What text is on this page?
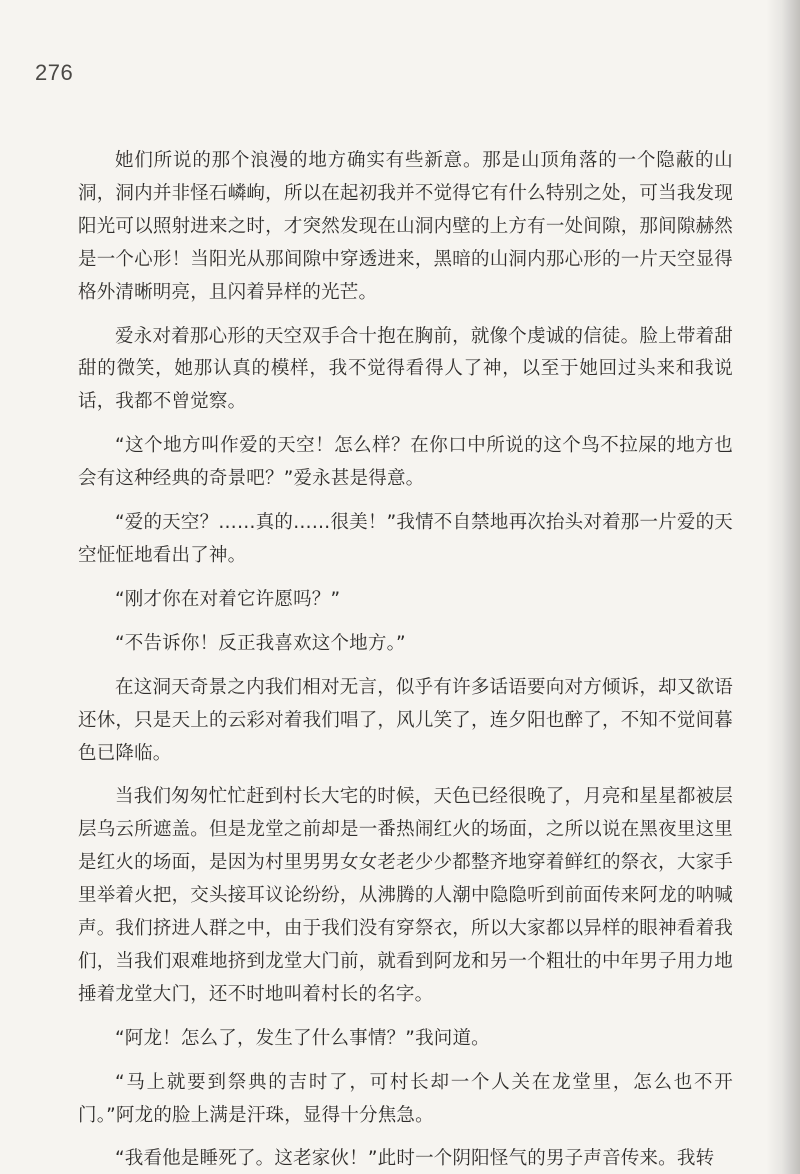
276

她们所说的那个浪漫的地方确实有些新意。那是山顶角落的一个隐蔽的山洞，洞内并非怪石嶙峋，所以在起初我并不觉得它有什么特别之处，可当我发现阳光可以照射进来之时，才突然发现在山洞内壁的上方有一处间隙，那间隙赫然是一个心形！当阳光从那间隙中穿透进来，黑暗的山洞内那心形的一片天空显得格外清晰明亮，且闪着异样的光芒。

爱永对着那心形的天空双手合十抱在胸前，就像个虔诚的信徒。脸上带着甜甜的微笑，她那认真的模样，我不觉得看得人了神，以至于她回过头来和我说话，我都不曾觉察。

“这个地方叫作爱的天空！怎么样？在你口中所说的这个鸟不拉屎的地方也会有这种经典的奇景吧？”爱永甚是得意。

“爱的天空？……真的……很美！”我情不自禁地再次抬头对着那一片爱的天空怔怔地看出了神。

“刚才你在对着它许愿吗？”

“不告诉你！反正我喜欢这个地方。”

在这洞天奇景之内我们相对无言，似乎有许多话语要向对方倾诉，却又欲语还休，只是天上的云彩对着我们唱了，风儿笑了，连夕阳也醉了，不知不觉间暮色已降临。

当我们匆匆忙忙赶到村长大宅的时候，天色已经很晚了，月亮和星星都被层层乌云所遮盖。但是龙堂之前却是一番热闹红火的场面，之所以说在黑夜里这里是红火的场面，是因为村里男男女女老老少少都整齐地穿着鲜红的祭衣，大家手里举着火把，交头接耳议论纷纷，从沸腾的人潮中隐隐听到前面传来阿龙的呐喊声。我们挤进人群之中，由于我们没有穿祭衣，所以大家都以异样的眼神看着我们，当我们艰难地挤到龙堂大门前，就看到阿龙和另一个粗壮的中年男子用力地捶着龙堂大门，还不时地叫着村长的名字。

“阿龙！怎么了，发生了什么事情？”我问道。

“马上就要到祭典的吉时了，可村长却一个人关在龙堂里，怎么也不开门。”阿龙的脸上满是汗珠，显得十分焦急。

“我看他是睡死了。这老家伙！”此时一个阴阳怪气的男子声音传来。我转
